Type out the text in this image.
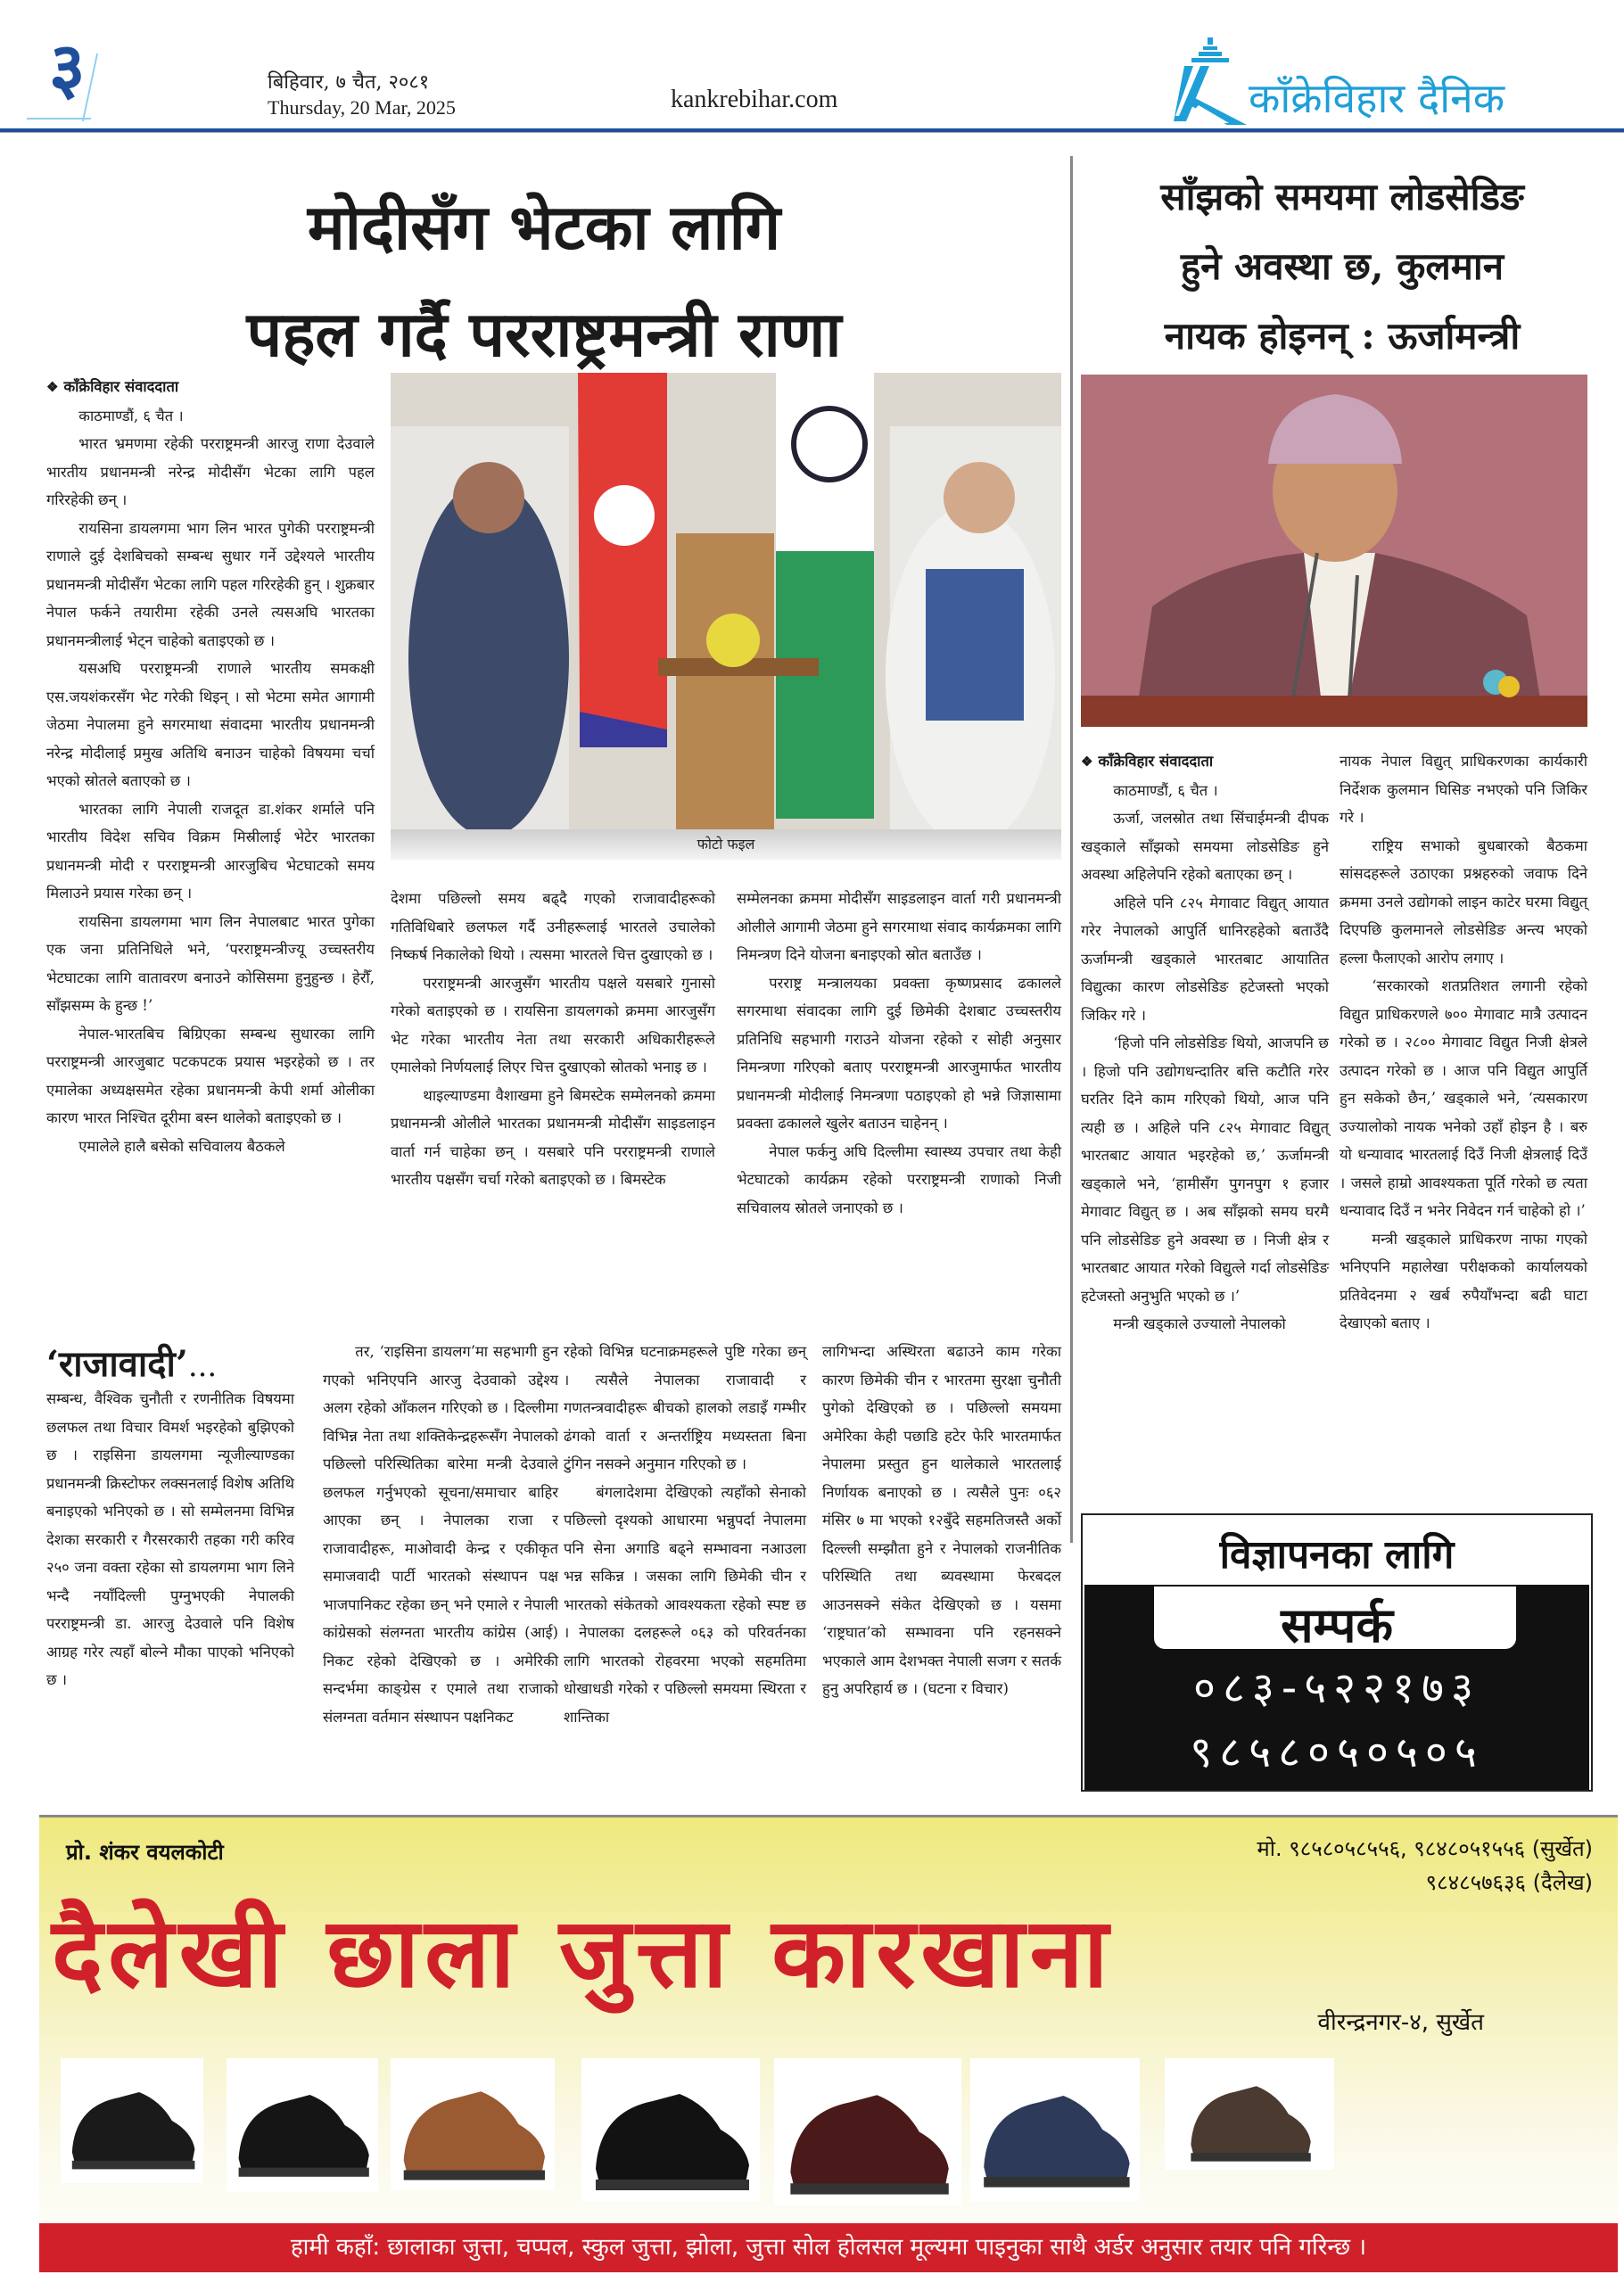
३	बिहिवार, ७ चैत, २०८१
Thursday, 20 Mar, 2025	kankrebihar.com	काँक्रेविहार दैनिक
मोदीसँग भेटका लागि
पहल गर्दै परराष्ट्रमन्त्री राणा
साँझको समयमा लोडसेडिङ
हुने अवस्था छ, कुलमान
नायक होइनन् : ऊर्जामन्त्री

❖ काँक्रेविहार संवाददाता

काठमाण्डौं, ६ चैत ।

भारत भ्रमणमा रहेकी परराष्ट्रमन्त्री आरजु राणा देउवाले भारतीय प्रधानमन्त्री नरेन्द्र मोदीसँग भेटका लागि पहल गरिरहेकी छन् ।

रायसिना डायलगमा भाग लिन भारत पुगेकी परराष्ट्रमन्त्री राणाले दुई देशबिचको सम्बन्ध सुधार गर्ने उद्देश्यले भारतीय प्रधानमन्त्री मोदीसँग भेटका लागि पहल गरिरहेकी हुन् । शुक्रबार नेपाल फर्कने तयारीमा रहेकी उनले त्यसअघि भारतका प्रधानमन्त्रीलाई भेट्न चाहेको बताइएको छ ।

यसअघि परराष्ट्रमन्त्री राणाले भारतीय समकक्षी एस.जयशंकरसँग भेट गरेकी थिइन् । सो भेटमा समेत आगामी जेठमा नेपालमा हुने सगरमाथा संवादमा भारतीय प्रधानमन्त्री नरेन्द्र मोदीलाई प्रमुख अतिथि बनाउन चाहेको विषयमा चर्चा भएको स्रोतले बताएको छ ।

भारतका लागि नेपाली राजदूत डा.शंकर शर्माले पनि भारतीय विदेश सचिव विक्रम मिस्रीलाई भेटेर भारतका प्रधानमन्त्री मोदी र परराष्ट्रमन्त्री आरजुबिच भेटघाटको समय मिलाउने प्रयास गरेका छन् ।

रायसिना डायलगमा भाग लिन नेपालबाट भारत पुगेका एक जना प्रतिनिधिले भने, ‘परराष्ट्रमन्त्रीज्यू उच्चस्तरीय भेटघाटका लागि वातावरण बनाउने कोसिसमा हुनुहुन्छ । हेरौँ, साँझसम्म के हुन्छ !’

नेपाल-भारतबिच बिग्रिएका सम्बन्ध सुधारका लागि परराष्ट्रमन्त्री आरजुबाट पटकपटक प्रयास भइरहेको छ । तर एमालेका अध्यक्षसमेत रहेका प्रधानमन्त्री केपी शर्मा ओलीका कारण भारत निश्चित दूरीमा बस्न थालेको बताइएको छ ।

एमालेले हालै बसेको सचिवालय बैठकले

फोटो फइल

देशमा पछिल्लो समय बढ्दै गएको राजावादीहरूको गतिविधिबारे छलफल गर्दै उनीहरूलाई भारतले उचालेको निष्कर्ष निकालेको थियो । त्यसमा भारतले चित्त दुखाएको छ ।

परराष्ट्रमन्त्री आरजुसँग भारतीय पक्षले यसबारे गुनासो गरेको बताइएको छ । रायसिना डायलगको क्रममा आरजुसँग भेट गरेका भारतीय नेता तथा सरकारी अधिकारीहरूले एमालेको निर्णयलाई लिएर चित्त दुखाएको स्रोतको भनाइ छ ।

थाइल्याण्डमा वैशाखमा हुने बिमस्टेक सम्मेलनको क्रममा प्रधानमन्त्री ओलीले भारतका प्रधानमन्त्री मोदीसँग साइडलाइन वार्ता गर्न चाहेका छन् । यसबारे पनि परराष्ट्रमन्त्री राणाले भारतीय पक्षसँग चर्चा गरेको बताइएको छ । बिमस्टेक

सम्मेलनका क्रममा मोदीसँग साइडलाइन वार्ता गरी प्रधानमन्त्री ओलीले आगामी जेठमा हुने सगरमाथा संवाद कार्यक्रमका लागि निमन्त्रण दिने योजना बनाइएको स्रोत बताउँछ ।

परराष्ट्र मन्त्रालयका प्रवक्ता कृष्णप्रसाद ढकालले सगरमाथा संवादका लागि दुई छिमेकी देशबाट उच्चस्तरीय प्रतिनिधि सहभागी गराउने योजना रहेको र सोही अनुसार निमन्त्रणा गरिएको बताए परराष्ट्रमन्त्री आरजुमार्फत भारतीय प्रधानमन्त्री मोदीलाई निमन्त्रणा पठाइएको हो भन्ने जिज्ञासामा प्रवक्ता ढकालले खुलेर बताउन चाहेनन् ।

नेपाल फर्कनु अघि दिल्लीमा स्वास्थ्य उपचार तथा केही भेटघाटको कार्यक्रम रहेको परराष्ट्रमन्त्री राणाको निजी सचिवालय स्रोतले जनाएको छ ।

❖ काँक्रेविहार संवाददाता

काठमाण्डौं, ६ चैत ।

ऊर्जा, जलस्रोत तथा सिंचाईमन्त्री दीपक खड्काले साँझको समयमा लोडसेडिङ हुने अवस्था अहिलेपनि रहेको बताएका छन् ।

अहिले पनि ८२५ मेगावाट विद्युत् आयात गरेर नेपालको आपुर्ति धानिरहहेको बताउँदै ऊर्जामन्त्री खड्काले भारतबाट आयातित विद्युत्का कारण लोडसेडिङ हटेजस्तो भएको जिकिर गरे ।

‘हिजो पनि लोडसेडिङ थियो, आजपनि छ । हिजो पनि उद्योगधन्दातिर बत्ति कटौति गरेर घरतिर दिने काम गरिएको थियो, आज पनि त्यही छ । अहिले पनि ८२५ मेगावाट विद्युत् भारतबाट आयात भइरहेको छ,’ ऊर्जामन्त्री खड्काले भने, ‘हामीसँग पुगनपुग १ हजार मेगावाट विद्युत् छ । अब साँझको समय घरमै पनि लोडसेडिङ हुने अवस्था छ । निजी क्षेत्र र भारतबाट आयात गरेको विद्युत्ले गर्दा लोडसेडिङ हटेजस्तो अनुभुति भएको छ ।’

मन्त्री खड्काले उज्यालो नेपालको

नायक नेपाल विद्युत् प्राधिकरणका कार्यकारी निर्देशक कुलमान घिसिङ नभएको पनि जिकिर गरे ।

राष्ट्रिय सभाको बुधबारको बैठकमा सांसदहरूले उठाएका प्रश्नहरुको जवाफ दिने क्रममा उनले उद्योगको लाइन काटेर घरमा विद्युत् दिएपछि कुलमानले लोडसेडिङ अन्त्य भएको हल्ला फैलाएको आरोप लगाए ।

‘सरकारको शतप्रतिशत लगानी रहेको विद्युत प्राधिकरणले ७०० मेगावाट मात्रै उत्पादन गरेको छ । २८०० मेगावाट विद्युत निजी क्षेत्रले उत्पादन गरेको छ । आज पनि विद्युत आपुर्ति हुन सकेको छैन,’ खड्काले भने, ‘त्यसकारण उज्यालोको नायक भनेको उहाँ होइन है । बरु यो धन्यावाद भारतलाई दिउँ निजी क्षेत्रलाई दिउँ । जसले हाम्रो आवश्यकता पूर्ति गरेको छ त्यता धन्यावाद दिउँ न भनेर निवेदन गर्न चाहेको हो ।’

मन्त्री खड्काले प्राधिकरण नाफा गएको भनिएपनि महालेखा परीक्षकको कार्यालयको प्रतिवेदनमा २ खर्ब रुपैयाँभन्दा बढी घाटा देखाएको बताए ।

‘राजावादी’...

सम्बन्ध, वैश्विक चुनौती र रणनीतिक विषयमा छलफल तथा विचार विमर्श भइरहेको बुझिएको छ । राइसिना डायलगमा न्यूजील्याण्डका प्रधानमन्त्री क्रिस्टोफर लक्सनलाई विशेष अतिथि बनाइएको भनिएको छ । सो सम्मेलनमा विभिन्न देशका सरकारी र गैरसरकारी तहका गरी करिव २५० जना वक्ता रहेका सो डायलगमा भाग लिने भन्दै नयाँदिल्ली पुग्नुभएकी नेपालकी परराष्ट्रमन्त्री डा. आरजु देउवाले पनि विशेष आग्रह गरेर त्यहाँ बोल्ने मौका पाएको भनिएको छ ।

तर, ‘राइसिना डायलग’मा सहभागी हुन गएको भनिएपनि आरजु देउवाको उद्देश्य अलग रहेको आँकलन गरिएको छ । दिल्लीमा विभिन्न नेता तथा शक्तिकेन्द्रहरूसँग नेपालको पछिल्लो परिस्थितिका बारेमा मन्त्री देउवाले छलफल गर्नुभएको सूचना/समाचार बाहिर आएका छन् । नेपालका राजा र राजावादीहरू, माओवादी केन्द्र र एकीकृत समाजवादी पार्टी भारतको संस्थापन पक्ष भाजपानिकट रहेका छन् भने एमाले र नेपाली कांग्रेसको संलग्नता भारतीय कांग्रेस (आई) निकट रहेको देखिएको छ । अमेरिकी सन्दर्भमा काङ्ग्रेस र एमाले तथा राजाको संलग्नता वर्तमान संस्थापन पक्षनिकट

रहेको विभिन्न घटनाक्रमहरूले पुष्टि गरेका छन् । त्यसैले नेपालका राजावादी र गणतन्त्रवादीहरू बीचको हालको लडाइँ गम्भीर ढंगको वार्ता र अन्तर्राष्ट्रिय मध्यस्तता बिना टुंगिन नसक्ने अनुमान गरिएको छ ।

बंगलादेशमा देखिएको त्यहाँको सेनाको पछिल्लो दृश्यको आधारमा भन्नुपर्दा नेपालमा पनि सेना अगाडि बढ्ने सम्भावना नआउला भन्न सकिन्न । जसका लागि छिमेकी चीन र भारतको संकेतको आवश्यकता रहेको स्पष्ट छ । नेपालका दलहरूले ०६३ को परिवर्तनका लागि भारतको रोहवरमा भएको सहमतिमा धोखाधडी गरेको र पछिल्लो समयमा स्थिरता र शान्तिका

लागिभन्दा अस्थिरता बढाउने काम गरेका कारण छिमेकी चीन र भारतमा सुरक्षा चुनौती पुगेको देखिएको छ । पछिल्लो समयमा अमेरिका केही पछाडि हटेर फेरि भारतमार्फत नेपालमा प्रस्तुत हुन थालेकाले भारतलाई निर्णायक बनाएको छ । त्यसैले पुनः ०६२ मंसिर ७ मा भएको १२बुँदे सहमतिजस्तै अर्को दिल्ल्ली सम्झौता हुने र नेपालको राजनीतिक परिस्थिति तथा ब्यवस्थामा फेरबदल आउनसक्ने संकेत देखिएको छ । यसमा ‘राष्ट्रघात’को सम्भावना पनि रहनसक्ने भएकाले आम देशभक्त नेपाली सजग र सतर्क हुनु अपरिहार्य छ । (घटना र विचार)

विज्ञापनका लागि
सम्पर्क
०८३-५२२१७३
९८५८०५०५०५
प्रो. शंकर वयलकोटी	मो. ९८५८०५८५५६, ९८४८०५१५५६ (सुर्खेत)
९८४८५७६३६ (दैलेख)
दैलेखी छाला जुत्ता कारखाना
वीरन्द्रनगर-४, सुर्खेत
हामी कहाँ: छालाका जुत्ता, चप्पल, स्कुल जुत्ता, झोला, जुत्ता सोल होलसल मूल्यमा पाइनुका साथै अर्डर अनुसार तयार पनि गरिन्छ ।
